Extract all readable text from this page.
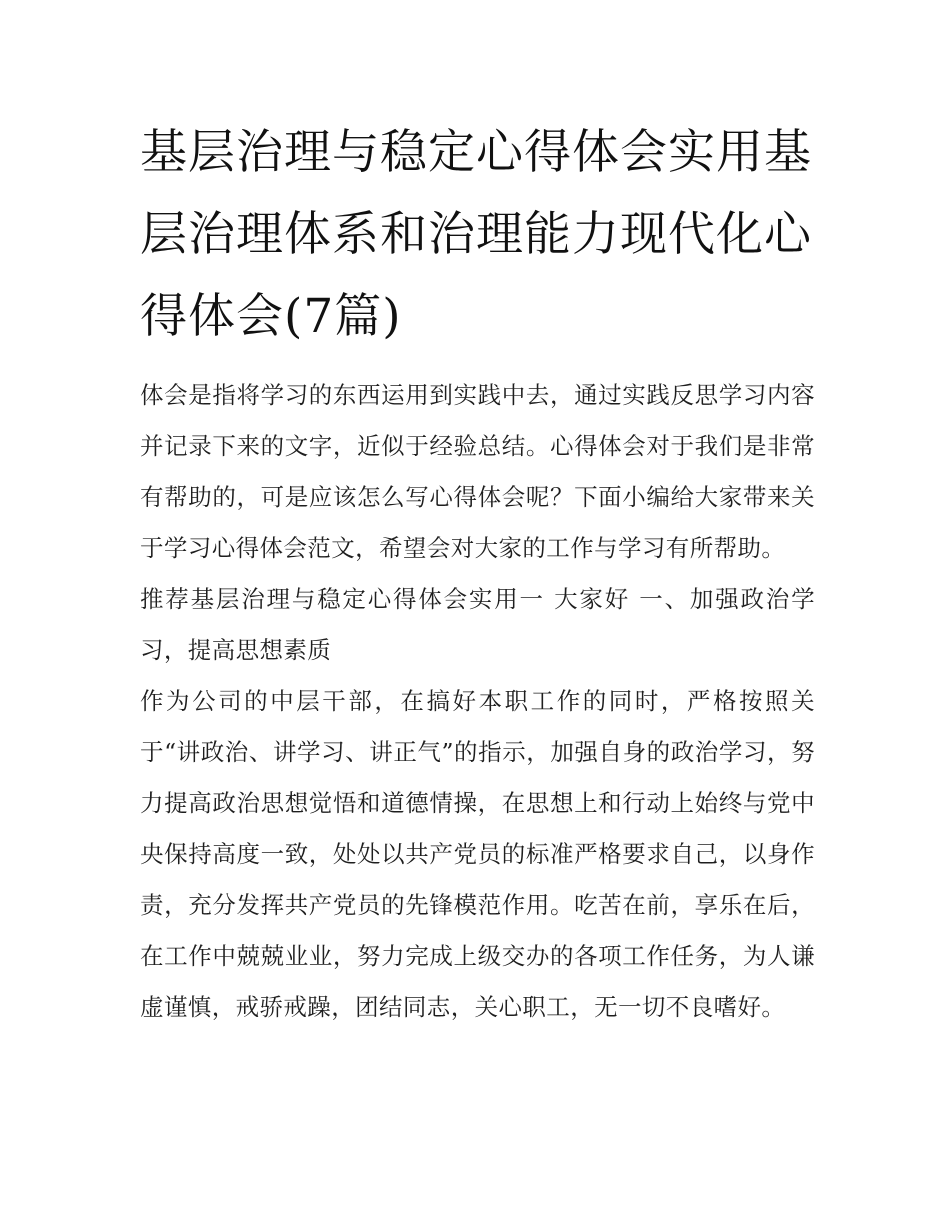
基层治理与稳定心得体会实用基层治理体系和治理能力现代化心得体会(7篇)

体会是指将学习的东西运用到实践中去，通过实践反思学习内容并记录下来的文字，近似于经验总结。心得体会对于我们是非常有帮助的，可是应该怎么写心得体会呢？下面小编给大家带来关于学习心得体会范文，希望会对大家的工作与学习有所帮助。

推荐基层治理与稳定心得体会实用一 大家好 一、加强政治学习，提高思想素质

作为公司的中层干部，在搞好本职工作的同时，严格按照关于“讲政治、讲学习、讲正气”的指示，加强自身的政治学习，努力提高政治思想觉悟和道德情操，在思想上和行动上始终与党中央保持高度一致，处处以共产党员的标准严格要求自己，以身作责，充分发挥共产党员的先锋模范作用。吃苦在前，享乐在后，在工作中兢兢业业，努力完成上级交办的各项工作任务，为人谦虚谨慎，戒骄戒躁，团结同志，关心职工，无一切不良嗜好。
